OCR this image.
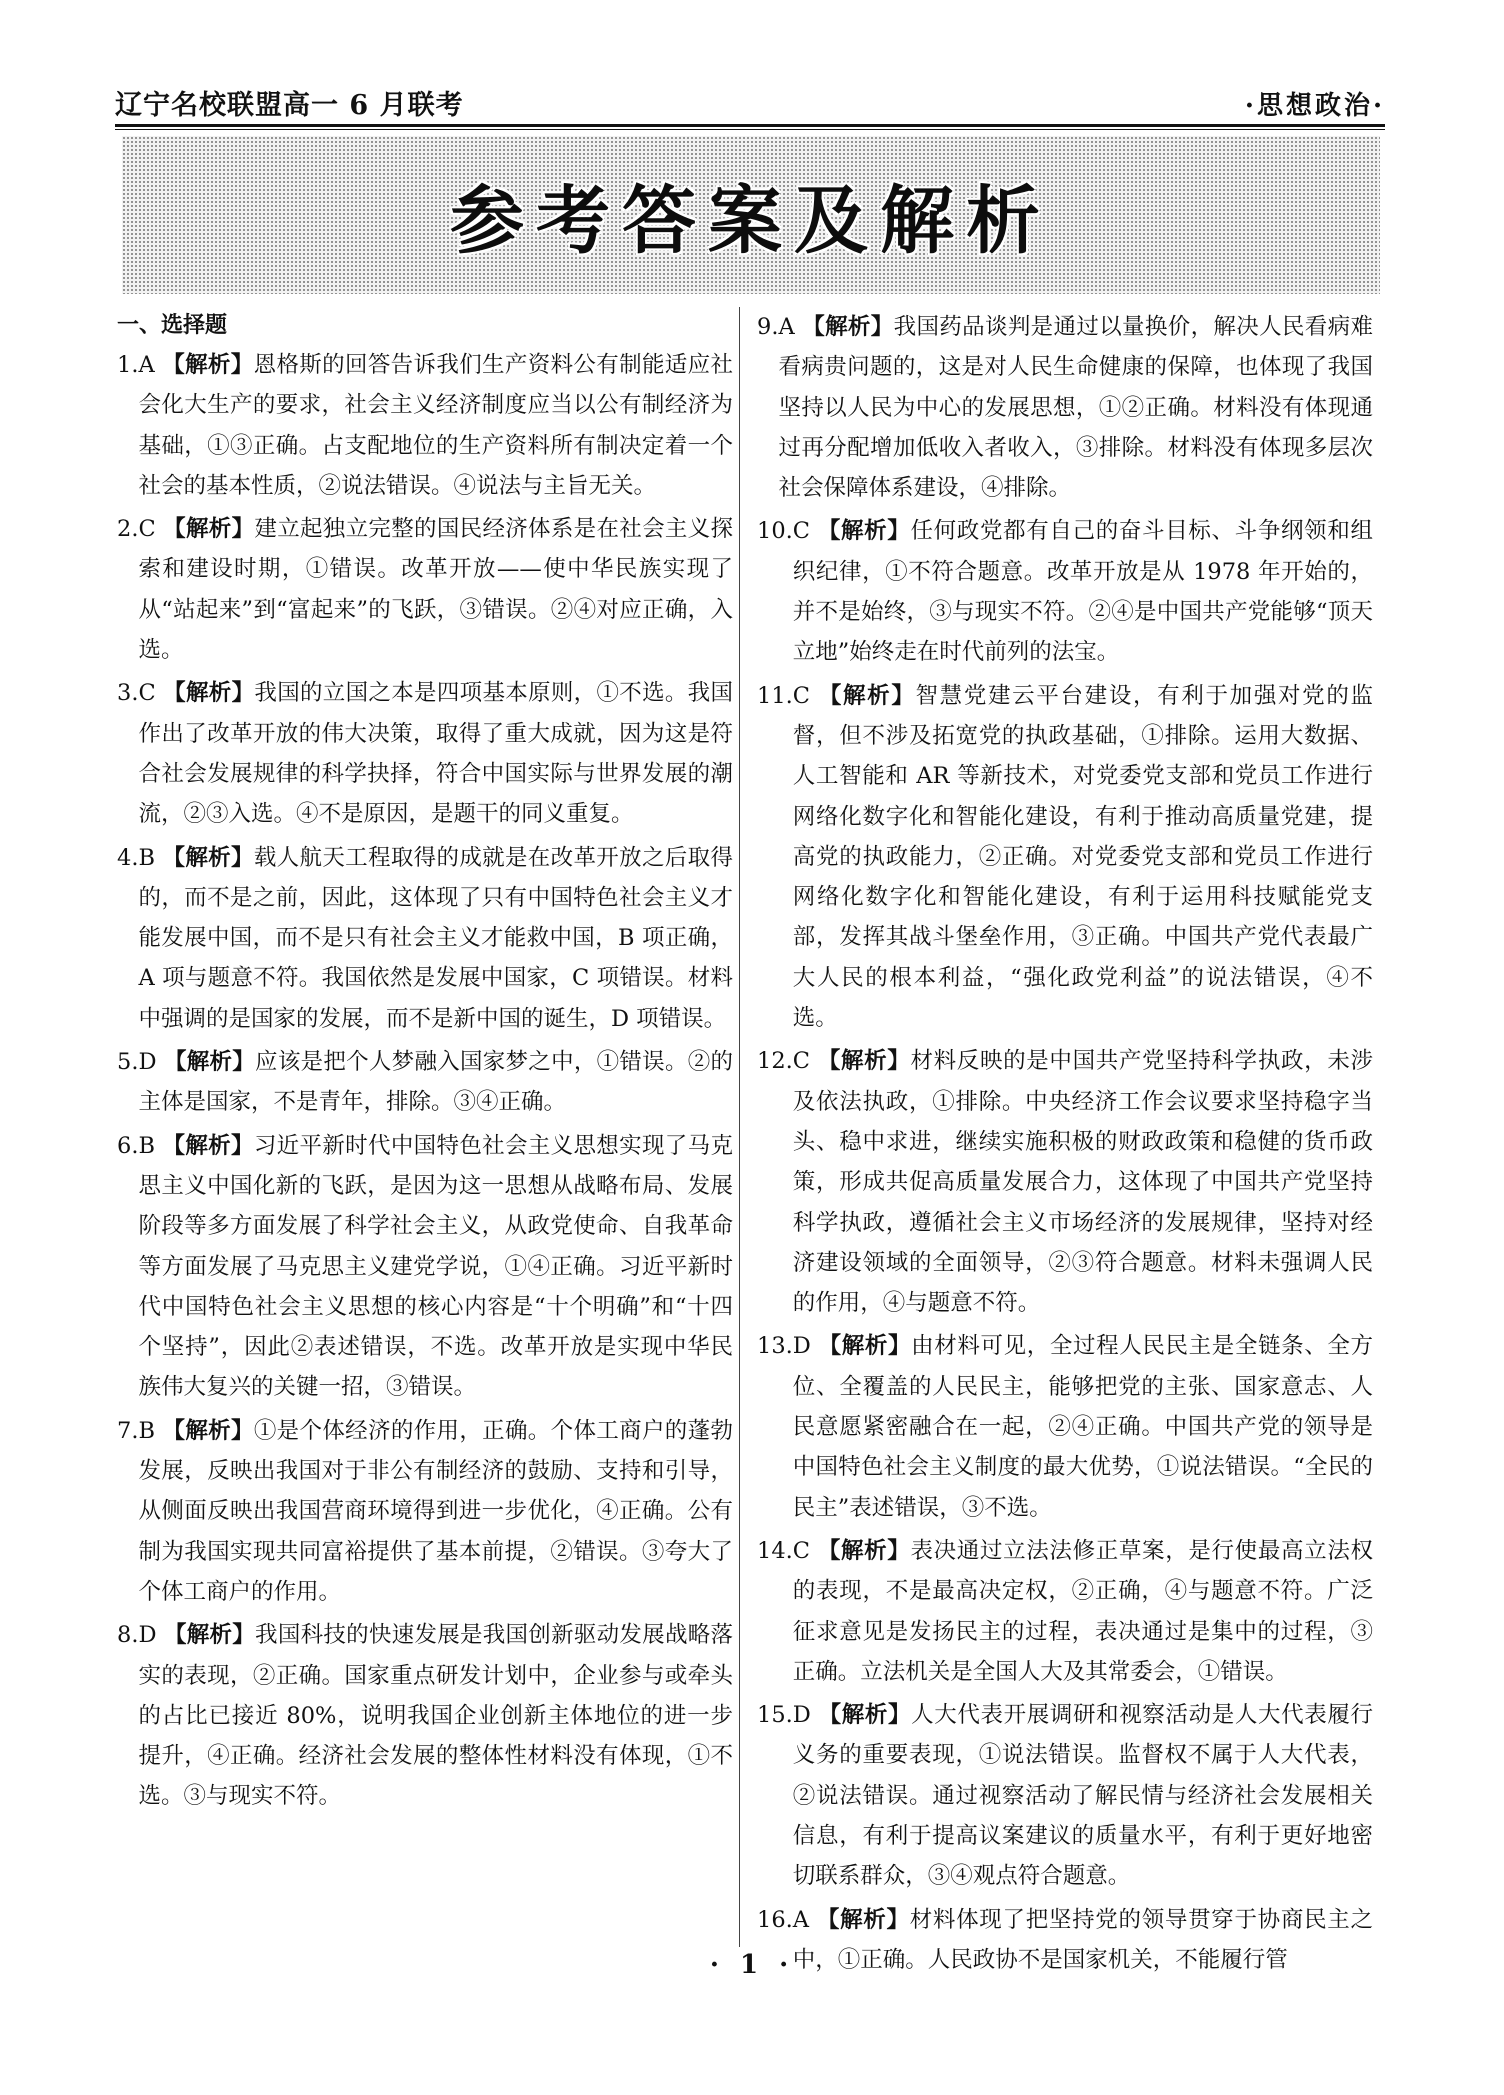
辽宁名校联盟高一 6 月联考	·思想政治·
参考答案及解析
一、选择题
1. A 【解析】恩格斯的回答告诉我们生产资料公有制能适应社会化大生产的要求，社会主义经济制度应当以公有制经济为基础，①③正确。占支配地位的生产资料所有制决定着一个社会的基本性质，②说法错误。④说法与主旨无关。
2. C 【解析】建立起独立完整的国民经济体系是在社会主义探索和建设时期，①错误。改革开放——使中华民族实现了从“站起来”到“富起来”的飞跃，③错误。②④对应正确，入选。
3. C 【解析】我国的立国之本是四项基本原则，①不选。我国作出了改革开放的伟大决策，取得了重大成就，因为这是符合社会发展规律的科学抉择，符合中国实际与世界发展的潮流，②③入选。④不是原因，是题干的同义重复。
4. B 【解析】载人航天工程取得的成就是在改革开放之后取得的，而不是之前，因此，这体现了只有中国特色社会主义才能发展中国，而不是只有社会主义才能救中国，B 项正确，A 项与题意不符。我国依然是发展中国家，C 项错误。材料中强调的是国家的发展，而不是新中国的诞生，D 项错误。
5. D 【解析】应该是把个人梦融入国家梦之中，①错误。②的主体是国家，不是青年，排除。③④正确。
6. B 【解析】习近平新时代中国特色社会主义思想实现了马克思主义中国化新的飞跃，是因为这一思想从战略布局、发展阶段等多方面发展了科学社会主义，从政党使命、自我革命等方面发展了马克思主义建党学说，①④正确。习近平新时代中国特色社会主义思想的核心内容是“十个明确”和“十四个坚持”，因此②表述错误，不选。改革开放是实现中华民族伟大复兴的关键一招，③错误。
7. B 【解析】①是个体经济的作用，正确。个体工商户的蓬勃发展，反映出我国对于非公有制经济的鼓励、支持和引导，从侧面反映出我国营商环境得到进一步优化，④正确。公有制为我国实现共同富裕提供了基本前提，②错误。③夸大了个体工商户的作用。
8. D 【解析】我国科技的快速发展是我国创新驱动发展战略落实的表现，②正确。国家重点研发计划中，企业参与或牵头的占比已接近 80%，说明我国企业创新主体地位的进一步提升，④正确。经济社会发展的整体性材料没有体现，①不选。③与现实不符。
9. A 【解析】我国药品谈判是通过以量换价，解决人民看病难看病贵问题的，这是对人民生命健康的保障，也体现了我国坚持以人民为中心的发展思想，①②正确。材料没有体现通过再分配增加低收入者收入，③排除。材料没有体现多层次社会保障体系建设，④排除。
10. C 【解析】任何政党都有自己的奋斗目标、斗争纲领和组织纪律，①不符合题意。改革开放是从 1978 年开始的，并不是始终，③与现实不符。②④是中国共产党能够“顶天立地”始终走在时代前列的法宝。
11. C 【解析】智慧党建云平台建设，有利于加强对党的监督，但不涉及拓宽党的执政基础，①排除。运用大数据、人工智能和 AR 等新技术，对党委党支部和党员工作进行网络化数字化和智能化建设，有利于推动高质量党建，提高党的执政能力，②正确。对党委党支部和党员工作进行网络化数字化和智能化建设，有利于运用科技赋能党支部，发挥其战斗堡垒作用，③正确。中国共产党代表最广大人民的根本利益，“强化政党利益”的说法错误，④不选。
12. C 【解析】材料反映的是中国共产党坚持科学执政，未涉及依法执政，①排除。中央经济工作会议要求坚持稳字当头、稳中求进，继续实施积极的财政政策和稳健的货币政策，形成共促高质量发展合力，这体现了中国共产党坚持科学执政，遵循社会主义市场经济的发展规律，坚持对经济建设领域的全面领导，②③符合题意。材料未强调人民的作用，④与题意不符。
13. D 【解析】由材料可见，全过程人民民主是全链条、全方位、全覆盖的人民民主，能够把党的主张、国家意志、人民意愿紧密融合在一起，②④正确。中国共产党的领导是中国特色社会主义制度的最大优势，①说法错误。“全民的民主”表述错误，③不选。
14. C 【解析】表决通过立法法修正草案，是行使最高立法权的表现，不是最高决定权，②正确，④与题意不符。广泛征求意见是发扬民主的过程，表决通过是集中的过程，③正确。立法机关是全国人大及其常委会，①错误。
15. D 【解析】人大代表开展调研和视察活动是人大代表履行义务的重要表现，①说法错误。监督权不属于人大代表，②说法错误。通过视察活动了解民情与经济社会发展相关信息，有利于提高议案建议的质量水平，有利于更好地密切联系群众，③④观点符合题意。
16. A 【解析】材料体现了把坚持党的领导贯穿于协商民主之中，①正确。人民政协不是国家机关，不能履行管
· 1 ·
